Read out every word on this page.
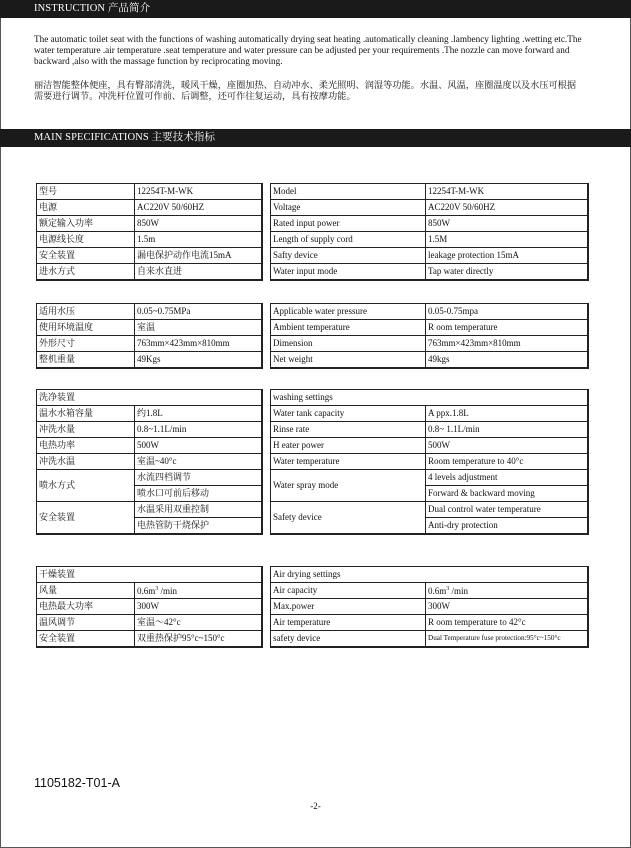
INSTRUCTION 产品简介
The automatic toilet seat with the functions of washing automatically drying seat heating .automatically cleaning .lambency lighting .wetting etc.The water temperature .air temperature .seat temperature and water pressure can be adjusted per your requirements .The nozzle can move forward and backward ,also with the massage function by reciprocating moving.
丽洁智能整体便座，具有臀部清洗，暖风干燥，座圈加热、自动冲水、柔光照明、润湿等功能。水温、风温，座圈温度以及水压可根据需要进行调节。冲洗杆位置可作前、后调整，还可作往复运动，具有按摩功能。
MAIN SPECIFICATIONS 主要技术指标
型号	12254T-M-WK
电源	AC220V 50/60HZ
额定输入功率	850W
电源线长度	1.5m
安全装置	漏电保护动作电流15mA
进水方式	自来水直进
Model	12254T-M-WK
Voltage	AC220V 50/60HZ
Rated input power	850W
Length of supply cord	1.5M
Safty device	leakage protection 15mA
Water input mode	Tap water directly
适用水压	0.05~0.75MPa
使用环境温度	室温
外形尺寸	763mm×423mm×810mm
整机重量	49Kgs
Applicable water pressure	0.05-0.75mpa
Ambient temperature	R oom temperature
Dimension	763mm×423mm×810mm
Net weight	49kgs
洗净装置	
温水水箱容量	约1.8L
冲洗水量	0.8~1.1L/min
电热功率	500W
冲洗水温	室温~40°c
喷水方式	水流四档调节
	喷水口可前后移动
安全装置	水温采用双重控制
	电热管防干烧保护
washing settings	
Water tank capacity	A ppx.1.8L
Rinse rate	0.8~ 1.1L/min
H eater power	500W
Water temperature	Room temperature to 40°c
Water spray mode	4 levels adjustment
	Forward & backward moving
Safety device	Dual control water temperature
	Anti-dry protection
干燥装置	
风量	$0.6m^3$ /min
电热最大功率	300W
温风调节	室温～42°c
安全装置	双重热保护95°c~150°c
Air drying settings	
Air capacity	$0.6m^3$ /min
Max.power	300W
Air temperature	R oom temperature to 42°c
safety device	Dual Temperature fuse protection:95°c~150°c
1105182-T01-A
-2-
